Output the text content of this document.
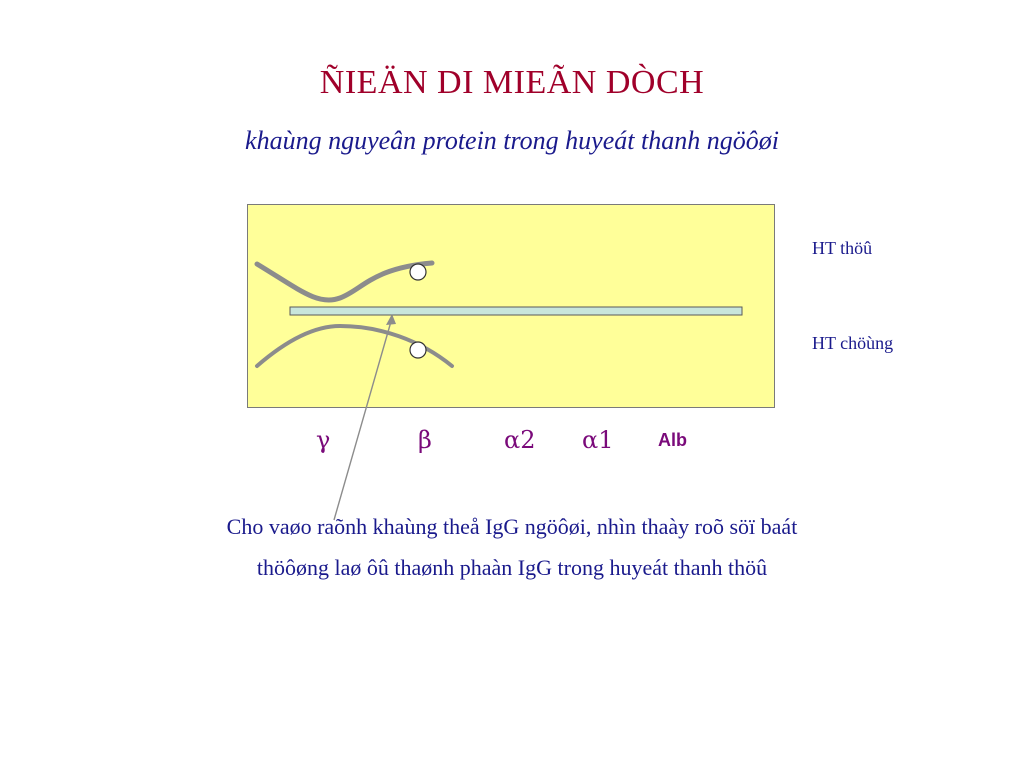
ÑIEÄN DI MIEÃN DÒCH
khaùng nguyeân protein trong huyeát thanh ngöôøi
HT thöû
HT chöùng
γ	β	α2 α1 Alb
Cho vaøo raõnh khaùng theå IgG ngöôøi, nhìn thaày roõ söï baát
thöôøng laø ôû thaønh phaàn IgG trong huyeát thanh thöû
